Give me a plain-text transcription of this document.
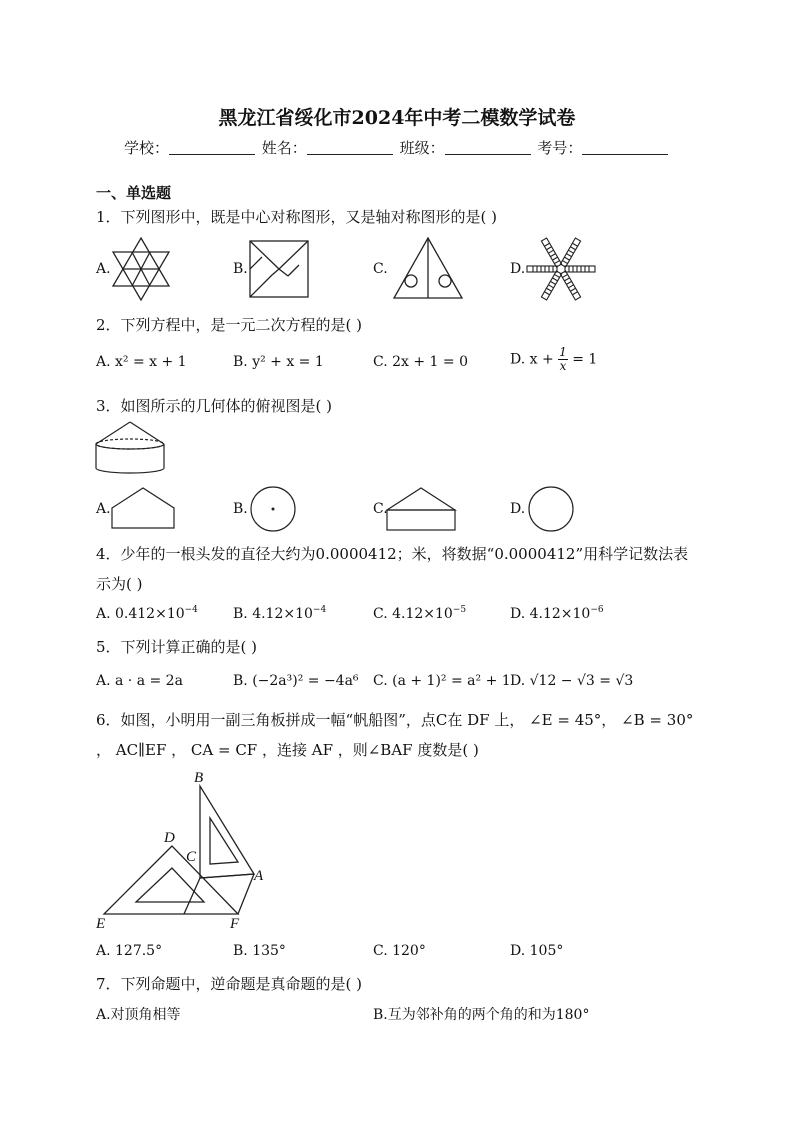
黑龙江省绥化市2024年中考二模数学试卷
学校：	姓名：	班级：	考号：
一、单选题
1．下列图形中，既是中心对称图形，又是轴对称图形的是( )
A.	B.	C.	D.
2．下列方程中，是一元二次方程的是( )
A. x² = x + 1	B. y² + x = 1	C. 2x + 1 = 0	D. $x + \frac{1}{x} = 1$
3．如图所示的几何体的俯视图是( )
A.	B.	C.	D.
4．少年的一根头发的直径大约为0.0000412；米，将数据“0.0000412”用科学记数法表
示为( )
A. $0.412\times 10^{-4}$	B. $4.12\times 10^{-4}$	C. $4.12\times 10^{-5}$	D. $4.12\times 10^{-6}$
5．下列计算正确的是( )
A. a · a = 2a	B. (−2a³)² = −4a⁶ C. (a + 1)² = a² + 1 D. √12 − √3 = √3
6．如图，小明用一副三角板拼成一幅“帆船图”，点C在 DF 上， ∠E = 45°， ∠B = 30°
， AC∥EF ， CA = CF ，连接 AF ，则∠BAF 度数是( )
B
C
D
A
E	F
A. 127.5°	B. 135°	C. 120°	D. 105°
7．下列命题中，逆命题是真命题的是( )
A.对顶角相等	B.互为邻补角的两个角的和为180°
